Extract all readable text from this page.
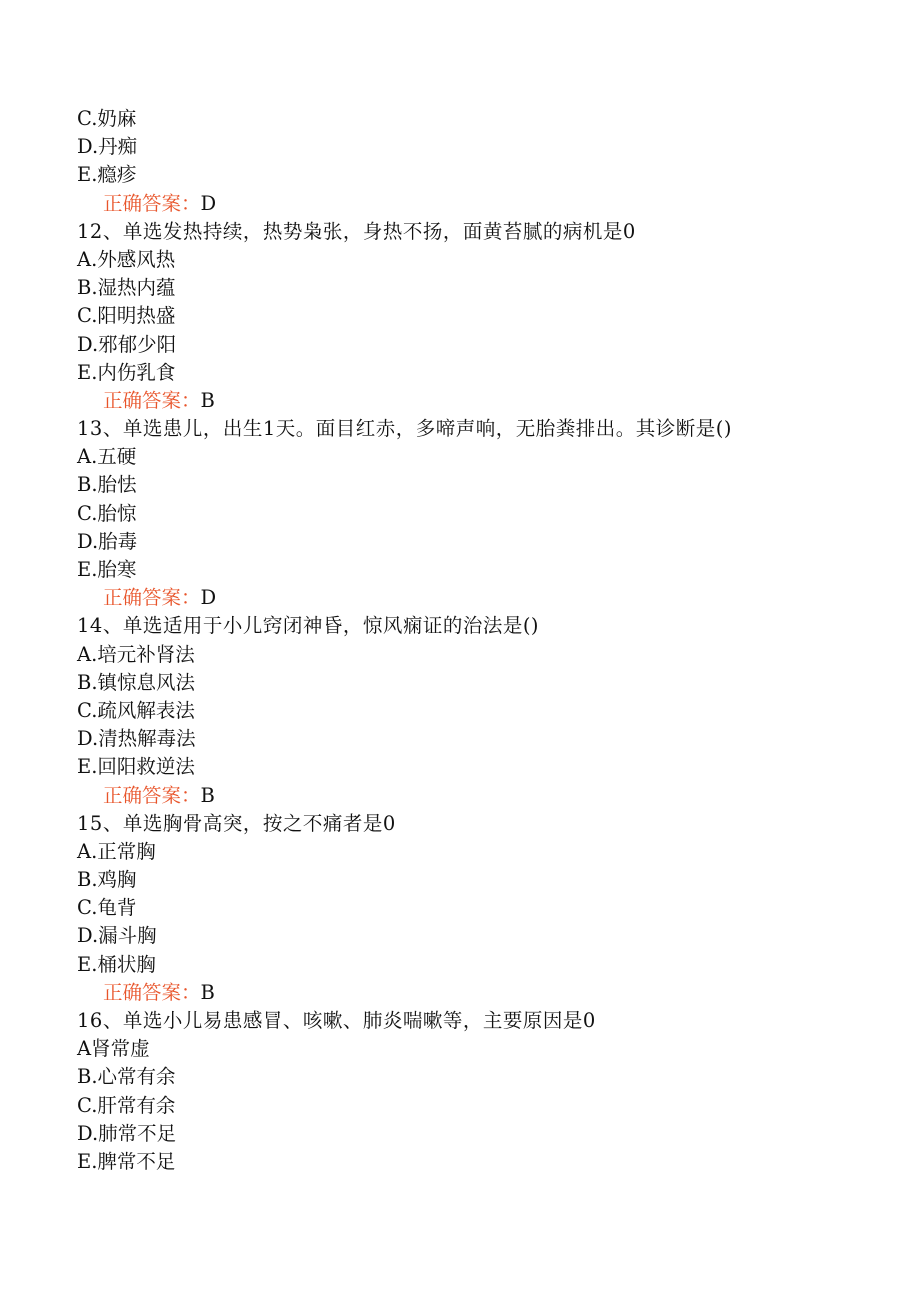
C.奶麻
D.丹痴
E.瘾疹
正确答案：D
12、单选发热持续，热势枭张，身热不扬，面黄苔腻的病机是0
A.外感风热
B.湿热内蕴
C.阳明热盛
D.邪郁少阳
E.内伤乳食
正确答案：B
13、单选患儿，出生1天。面目红赤，多啼声响，无胎粪排出。其诊断是()
A.五硬
B.胎怯
C.胎惊
D.胎毒
E.胎寒
正确答案：D
14、单选适用于小儿窍闭神昏，惊风痫证的治法是()
A.培元补肾法
B.镇惊息风法
C.疏风解表法
D.清热解毒法
E.回阳救逆法
正确答案：B
15、单选胸骨高突，按之不痛者是0
A.正常胸
B.鸡胸
C.龟背
D.漏斗胸
E.桶状胸
正确答案：B
16、单选小儿易患感冒、咳嗽、肺炎喘嗽等，主要原因是0
A肾常虚
B.心常有余
C.肝常有余
D.肺常不足
E.脾常不足
